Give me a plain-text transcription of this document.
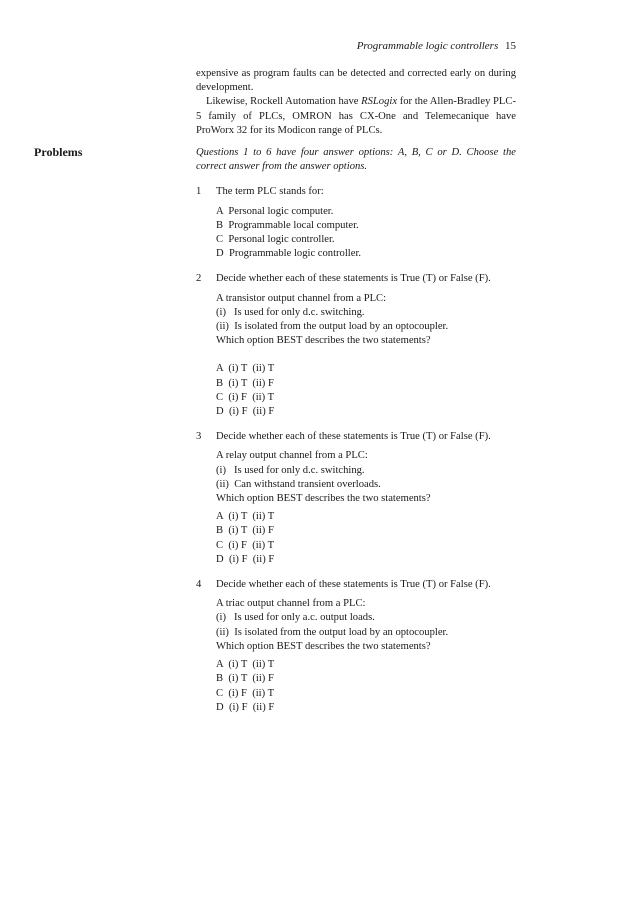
Programmable logic controllers 15

expensive as program faults can be detected and corrected early on during development.

Likewise, Rockell Automation have RSLogix for the Allen-Bradley PLC-5 family of PLCs, OMRON has CX-One and Telemecanique have ProWorx 32 for its Modicon range of PLCs.

Problems	Questions 1 to 6 have four answer options: A, B, C or D. Choose the correct answer from the answer options.

1 The term PLC stands for:

A  Personal logic computer.
B  Programmable local computer.
C  Personal logic controller.
D  Programmable logic controller.
2 Decide whether each of these statements is True (T) or False (F).

A transistor output channel from a PLC:
(i)   Is used for only d.c. switching.
(ii)  Is isolated from the output load by an optocoupler.
Which option BEST describes the two statements?
A  (i) T  (ii) T
B  (i) T  (ii) F
C  (i) F  (ii) T
D  (i) F  (ii) F
3 Decide whether each of these statements is True (T) or False (F).

A relay output channel from a PLC:
(i)   Is used for only d.c. switching.
(ii)  Can withstand transient overloads.
Which option BEST describes the two statements?
A  (i) T  (ii) T
B  (i) T  (ii) F
C  (i) F  (ii) T
D  (i) F  (ii) F
4 Decide whether each of these statements is True (T) or False (F).

A triac output channel from a PLC:
(i)   Is used for only a.c. output loads.
(ii)  Is isolated from the output load by an optocoupler.
Which option BEST describes the two statements?
A  (i) T  (ii) T
B  (i) T  (ii) F
C  (i) F  (ii) T
D  (i) F  (ii) F
